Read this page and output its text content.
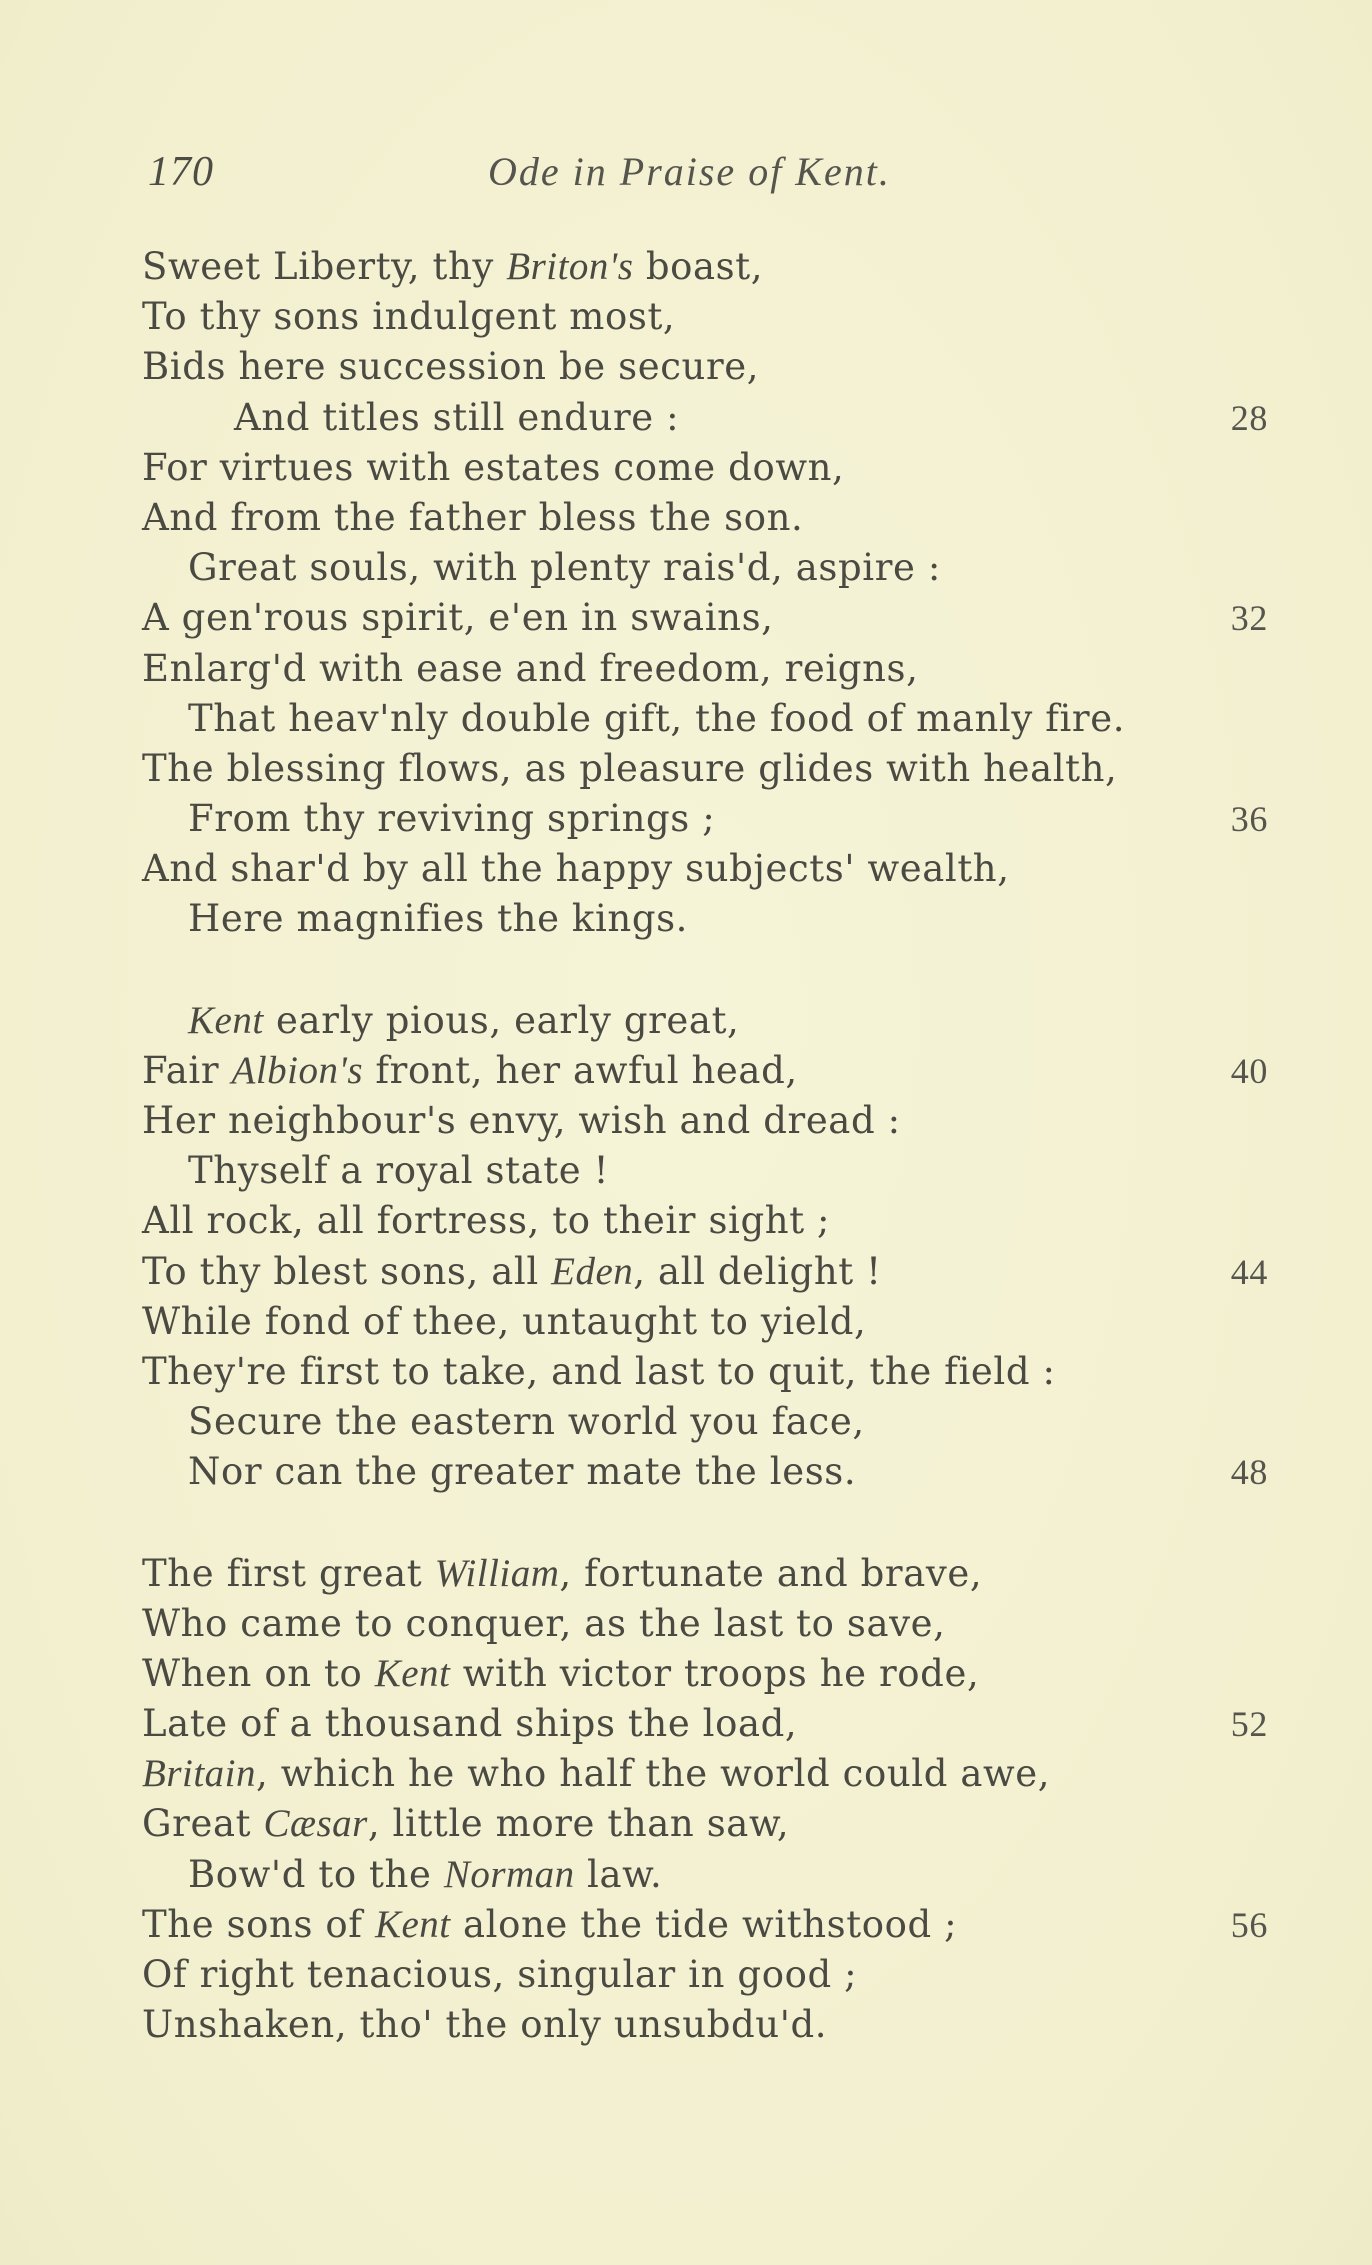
170	Ode in Praise of Kent.
Sweet Liberty, thy Briton's boast,
To thy sons indulgent most,
Bids here succession be secure,
And titles still endure :	28
For virtues with estates come down,
And from the father bless the son.
Great souls, with plenty rais'd, aspire :
A gen'rous spirit, e'en in swains,	32
Enlarg'd with ease and freedom, reigns,
That heav'nly double gift, the food of manly fire.
The blessing flows, as pleasure glides with health,
From thy reviving springs ;	36
And shar'd by all the happy subjects' wealth,
Here magnifies the kings.
Kent early pious, early great,
Fair Albion's front, her awful head,	40
Her neighbour's envy, wish and dread :
Thyself a royal state !
All rock, all fortress, to their sight ;
To thy blest sons, all Eden, all delight !	44
While fond of thee, untaught to yield,
They're first to take, and last to quit, the field :
Secure the eastern world you face,
Nor can the greater mate the less.	48
The first great William, fortunate and brave,
Who came to conquer, as the last to save,
When on to Kent with victor troops he rode,
Late of a thousand ships the load,	52
Britain, which he who half the world could awe,
Great Cæsar, little more than saw,
Bow'd to the Norman law.
The sons of Kent alone the tide withstood ;	56
Of right tenacious, singular in good ;
Unshaken, tho' the only unsubdu'd.
